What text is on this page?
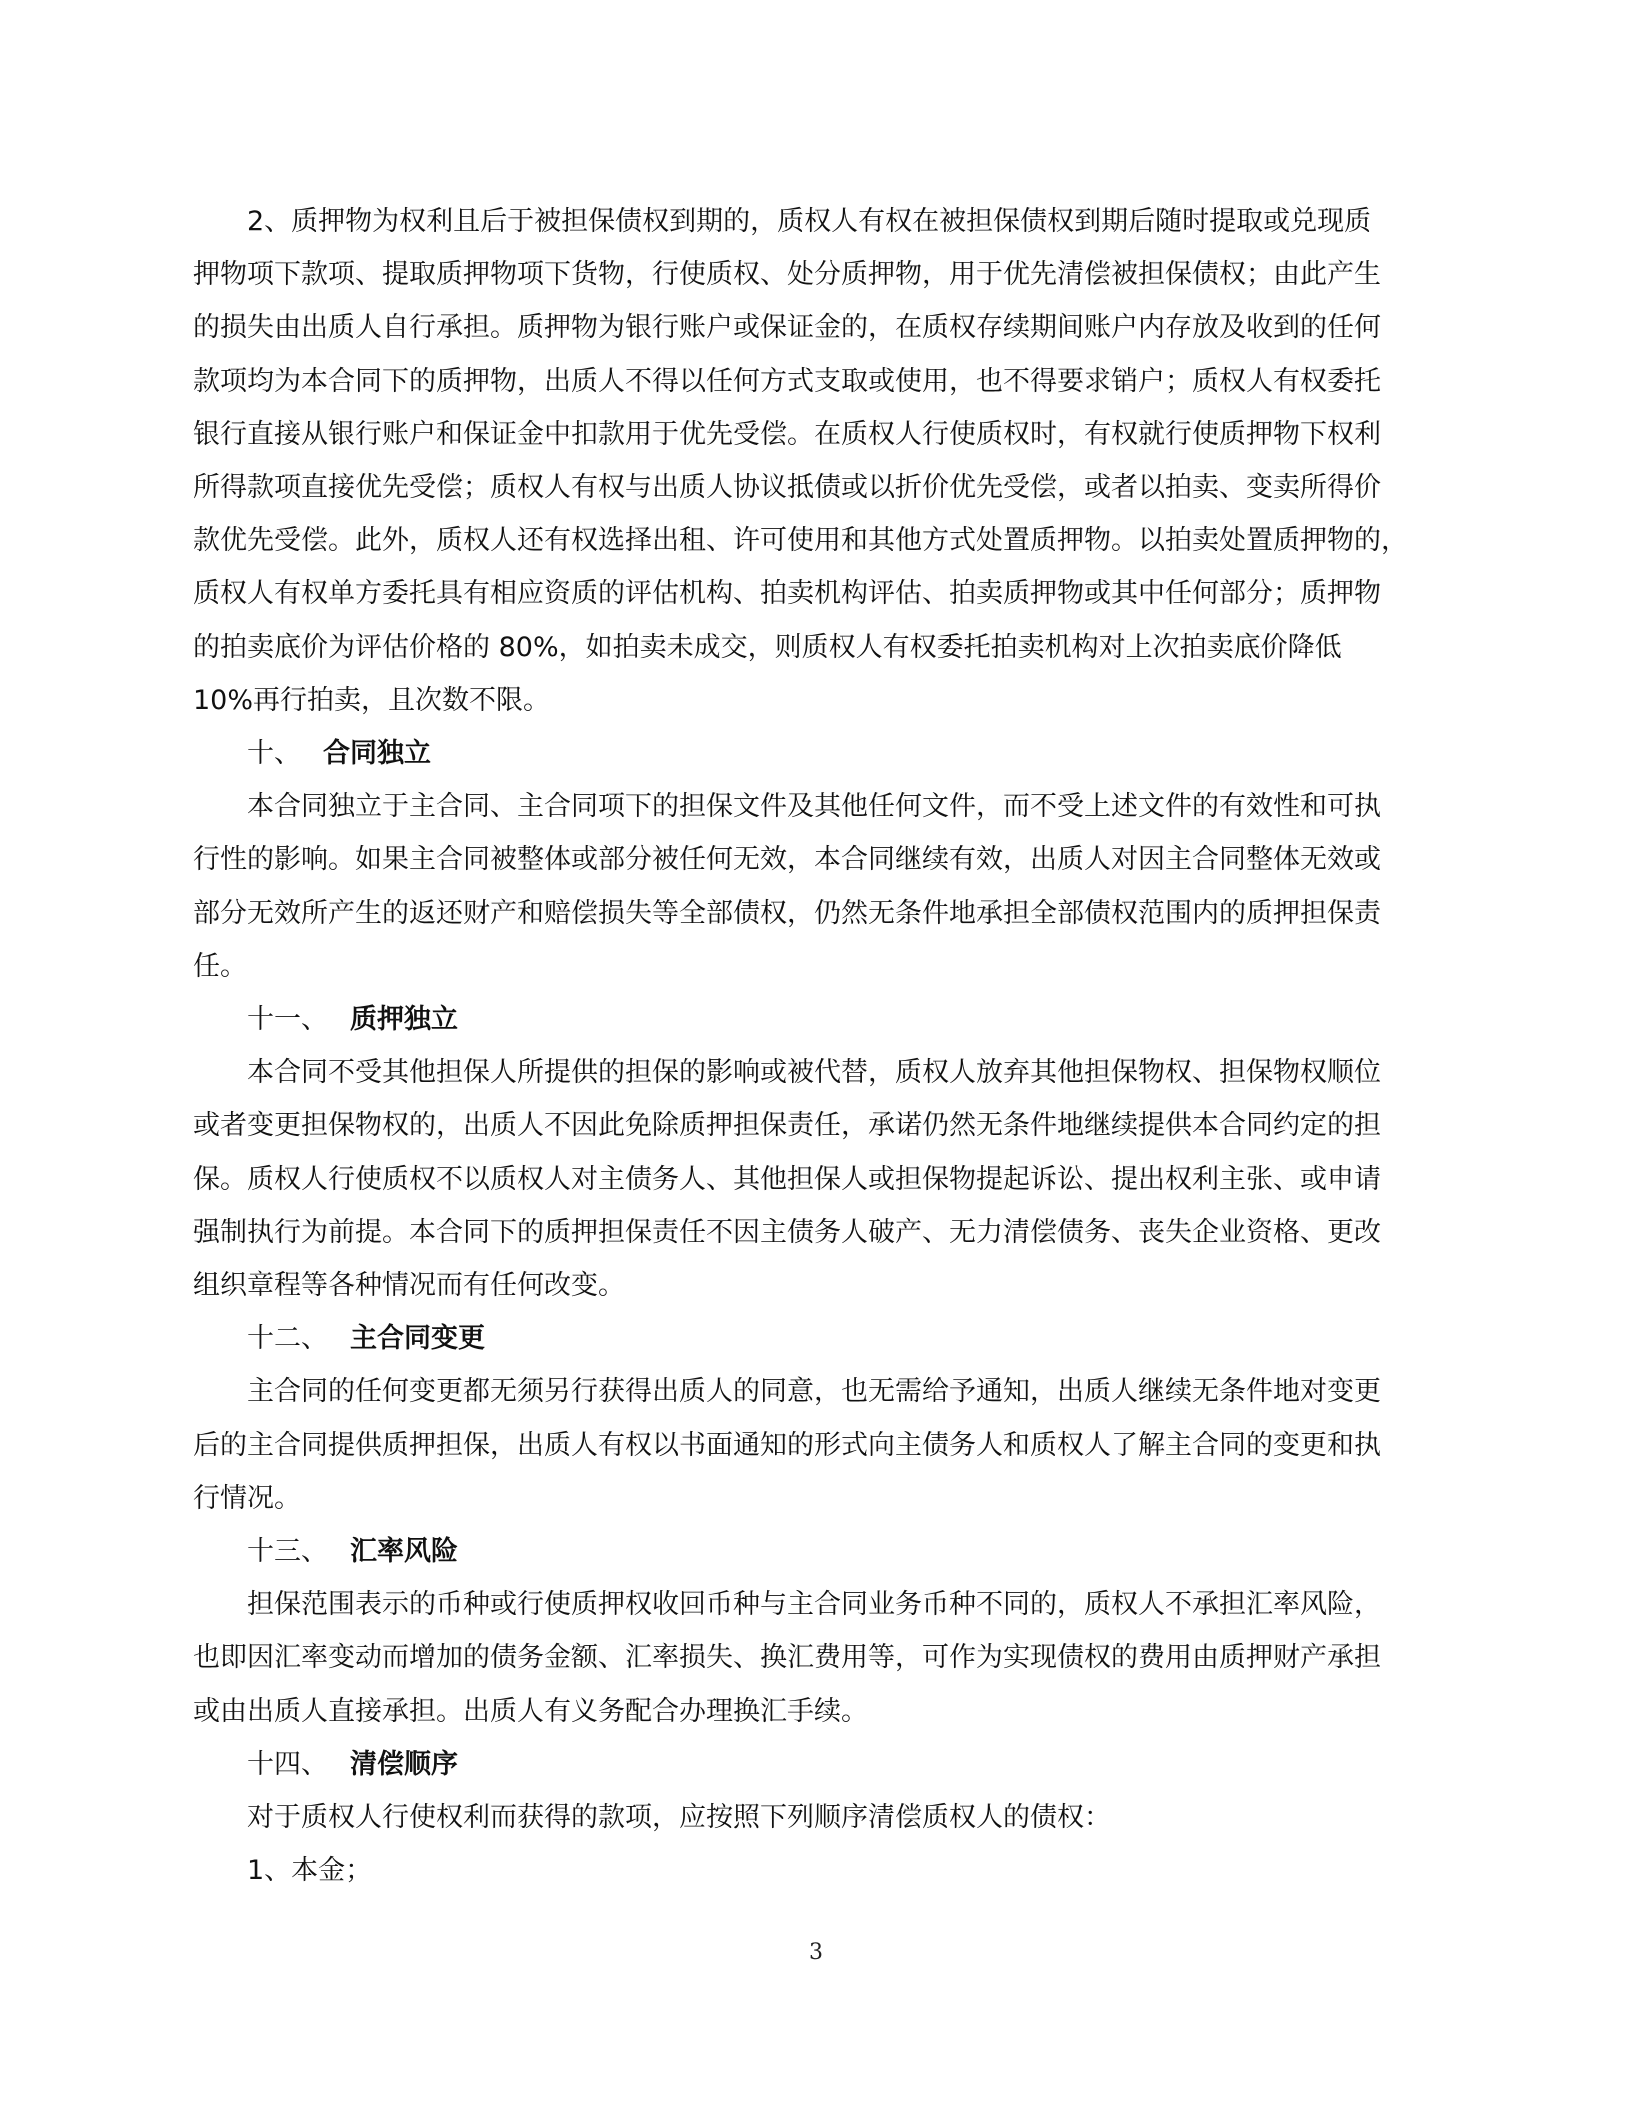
2、质押物为权利且后于被担保债权到期的，质权人有权在被担保债权到期后随时提取或兑现质
押物项下款项、提取质押物项下货物，行使质权、处分质押物，用于优先清偿被担保债权；由此产生
的损失由出质人自行承担。质押物为银行账户或保证金的，在质权存续期间账户内存放及收到的任何
款项均为本合同下的质押物，出质人不得以任何方式支取或使用，也不得要求销户；质权人有权委托
银行直接从银行账户和保证金中扣款用于优先受偿。在质权人行使质权时，有权就行使质押物下权利
所得款项直接优先受偿；质权人有权与出质人协议抵债或以折价优先受偿，或者以拍卖、变卖所得价
款优先受偿。此外，质权人还有权选择出租、许可使用和其他方式处置质押物。以拍卖处置质押物的，
质权人有权单方委托具有相应资质的评估机构、拍卖机构评估、拍卖质押物或其中任何部分；质押物
的拍卖底价为评估价格的 80%，如拍卖未成交，则质权人有权委托拍卖机构对上次拍卖底价降低
10%再行拍卖，且次数不限。

十、 合同独立

本合同独立于主合同、主合同项下的担保文件及其他任何文件，而不受上述文件的有效性和可执
行性的影响。如果主合同被整体或部分被任何无效，本合同继续有效，出质人对因主合同整体无效或
部分无效所产生的返还财产和赔偿损失等全部债权，仍然无条件地承担全部债权范围内的质押担保责
任。

十一、 质押独立

本合同不受其他担保人所提供的担保的影响或被代替，质权人放弃其他担保物权、担保物权顺位
或者变更担保物权的，出质人不因此免除质押担保责任，承诺仍然无条件地继续提供本合同约定的担
保。质权人行使质权不以质权人对主债务人、其他担保人或担保物提起诉讼、提出权利主张、或申请
强制执行为前提。本合同下的质押担保责任不因主债务人破产、无力清偿债务、丧失企业资格、更改
组织章程等各种情况而有任何改变。

十二、 主合同变更

主合同的任何变更都无须另行获得出质人的同意，也无需给予通知，出质人继续无条件地对变更
后的主合同提供质押担保，出质人有权以书面通知的形式向主债务人和质权人了解主合同的变更和执
行情况。

十三、 汇率风险

担保范围表示的币种或行使质押权收回币种与主合同业务币种不同的，质权人不承担汇率风险，
也即因汇率变动而增加的债务金额、汇率损失、换汇费用等，可作为实现债权的费用由质押财产承担
或由出质人直接承担。出质人有义务配合办理换汇手续。

十四、 清偿顺序

对于质权人行使权利而获得的款项，应按照下列顺序清偿质权人的债权：
1、本金；

3
